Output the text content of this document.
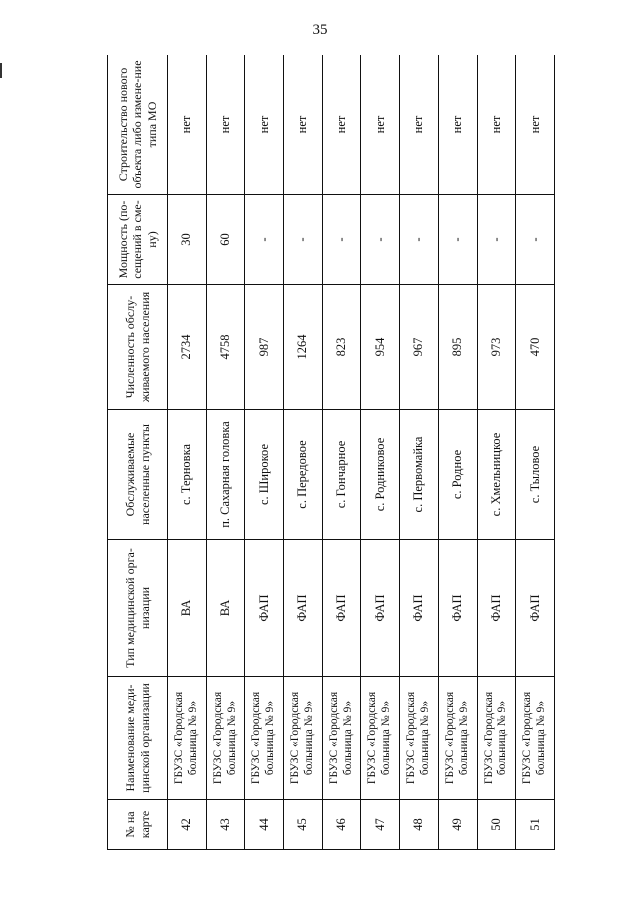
35
№ на карте	Наименование меди-цинской организации	Тип медицинской орга-низации	Обслуживаемые населенные пункты	Численность обслу-живаемого населения	Мощность (по-сещений в сме-ну)	Строительство нового объекта либо измене-ние типа МО
42	ГБУЗС «Городская больница № 9»	ВА	с. Терновка	2734	30	нет
43	ГБУЗС «Городская больница № 9»	ВА	п. Сахарная головка	4758	60	нет
44	ГБУЗС «Городская больница № 9»	ФАП	с. Широкое	987	-	нет
45	ГБУЗС «Городская больница № 9»	ФАП	с. Передовое	1264	-	нет
46	ГБУЗС «Городская больница № 9»	ФАП	с. Гончарное	823	-	нет
47	ГБУЗС «Городская больница № 9»	ФАП	с. Родниковое	954	-	нет
48	ГБУЗС «Городская больница № 9»	ФАП	с. Первомайка	967	-	нет
49	ГБУЗС «Городская больница № 9»	ФАП	с. Родное	895	-	нет
50	ГБУЗС «Городская больница № 9»	ФАП	с. Хмельницкое	973	-	нет
51	ГБУЗС «Городская больница № 9»	ФАП	с. Тыловое	470	-	нет
